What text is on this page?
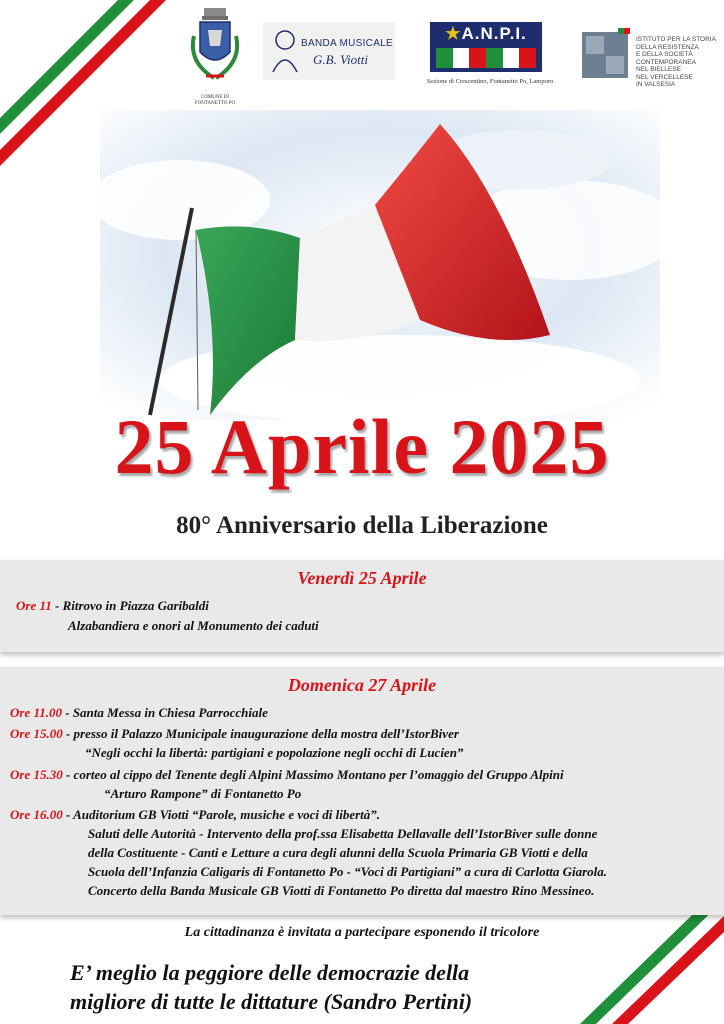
COMUNE DI
FONTANETTO PO
BANDA MUSICALE
G.B. Viotti
★A.N.P.I.
Sezione di Crescentino, Fontanetto Po, Lamporo
ISTITUTO PER LA STORIA
DELLA RESISTENZA
E DELLA SOCIETÀ
CONTEMPORANEA
NEL BIELLESE
NEL VERCELLESE
IN VALSESIA
25 Aprile 2025
80° Anniversario della Liberazione
Venerdì 25 Aprile
Ore 11 - Ritrovo in Piazza Garibaldi
Alzabandiera e onori al Monumento dei caduti
Domenica 27 Aprile
Ore 11.00 - Santa Messa in Chiesa Parrocchiale
Ore 15.00 - presso il Palazzo Municipale inaugurazione della mostra dell’IstorBiver
“Negli occhi la libertà: partigiani e popolazione negli occhi di Lucien”
Ore 15.30 - corteo al cippo del Tenente degli Alpini Massimo Montano per l’omaggio del Gruppo Alpini
“Arturo Rampone” di Fontanetto Po
Ore 16.00 - Auditorium GB Viotti “Parole, musiche e voci di libertà”.
Saluti delle Autorità - Intervento della prof.ssa Elisabetta Dellavalle dell’IstorBiver sulle donne
della Costituente - Canti e Letture a cura degli alunni della Scuola Primaria GB Viotti e della
Scuola dell’Infanzia Caligaris di Fontanetto Po - “Voci di Partigiani” a cura di Carlotta Giarola.
Concerto della Banda Musicale GB Viotti di Fontanetto Po diretta dal maestro Rino Messineo.
La cittadinanza è invitata a partecipare esponendo il tricolore
E’ meglio la peggiore delle democrazie della
migliore di tutte le dittature (Sandro Pertini)
